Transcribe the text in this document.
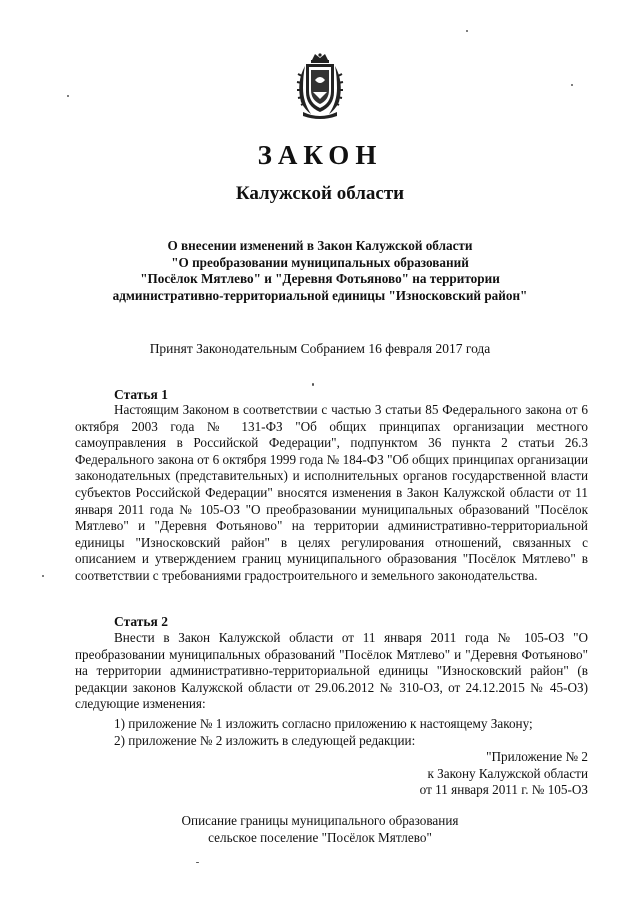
ЗАКОН
Калужской области
О внесении изменений в Закон Калужской области
"О преобразовании муниципальных образований
"Посёлок Мятлево" и "Деревня Фотьяново" на территории
административно-территориальной единицы "Износковский район"
Принят Законодательным Собранием 16 февраля 2017 года
Статья 1

Настоящим Законом в соответствии с частью 3 статьи 85 Федерального закона от 6 октября 2003 года № 131-ФЗ "Об общих принципах организации местного самоуправления в Российской Федерации", подпунктом 36 пункта 2 статьи 26.3 Федерального закона от 6 октября 1999 года № 184-ФЗ "Об общих принципах организации законодательных (представительных) и исполнительных органов государственной власти субъектов Российской Федерации" вносятся изменения в Закон Калужской области от 11 января 2011 года № 105-ОЗ "О преобразовании муниципальных образований "Посёлок Мятлево" и "Деревня Фотьяново" на территории административно-территориальной единицы "Износковский район" в целях регулирования отношений, связанных с описанием и утверждением границ муниципального образования "Посёлок Мятлево" в соответствии с требованиями градостроительного и земельного законодательства.

Статья 2

Внести в Закон Калужской области от 11 января 2011 года № 105-ОЗ "О преобразовании муниципальных образований "Посёлок Мятлево" и "Деревня Фотьяново" на территории административно-территориальной единицы "Износковский район" (в редакции законов Калужской области от 29.06.2012 № 310-ОЗ, от 24.12.2015 № 45-ОЗ) следующие изменения:

1) приложение № 1 изложить согласно приложению к настоящему Закону;
2) приложение № 2 изложить в следующей редакции:
"Приложение № 2
к Закону Калужской области
от 11 января 2011 г. № 105-ОЗ
Описание границы муниципального образования
сельское поселение "Посёлок Мятлево"
